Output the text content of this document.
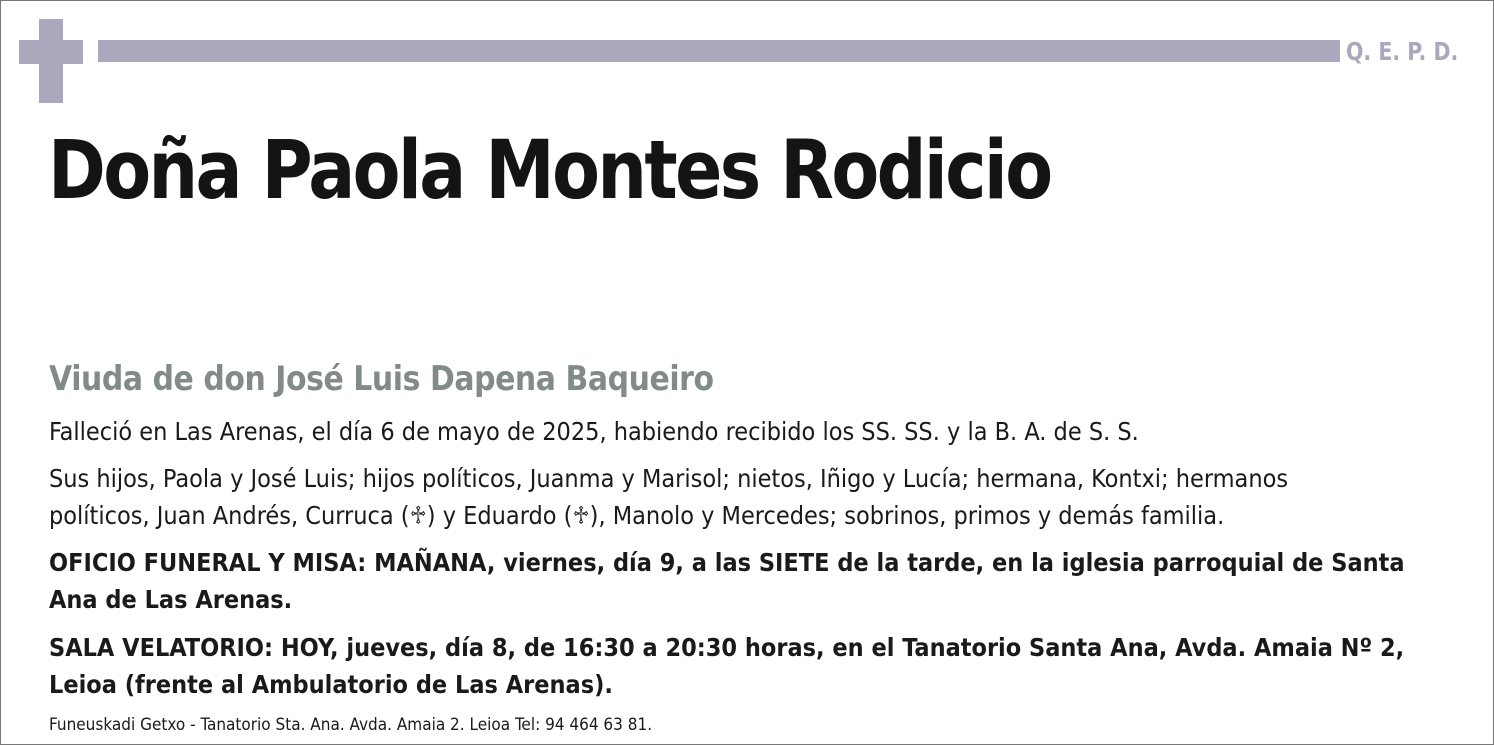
Q. E. P. D.
Doña Paola Montes Rodicio
Viuda de don José Luis Dapena Baqueiro
Falleció en Las Arenas, el día 6 de mayo de 2025, habiendo recibido los SS. SS. y la B. A. de S. S.
Sus hijos, Paola y José Luis; hijos políticos, Juanma y Marisol; nietos, Iñigo y Lucía; hermana, Kontxi; hermanos
políticos, Juan Andrés, Curruca (♱) y Eduardo (♱), Manolo y Mercedes; sobrinos, primos y demás familia.
OFICIO FUNERAL Y MISA: MAÑANA, viernes, día 9, a las SIETE de la tarde, en la iglesia parroquial de Santa
Ana de Las Arenas.
SALA VELATORIO: HOY, jueves, día 8, de 16:30 a 20:30 horas, en el Tanatorio Santa Ana, Avda. Amaia Nº 2,
Leioa (frente al Ambulatorio de Las Arenas).
Funeuskadi Getxo - Tanatorio Sta. Ana. Avda. Amaia 2. Leioa Tel: 94 464 63 81.
